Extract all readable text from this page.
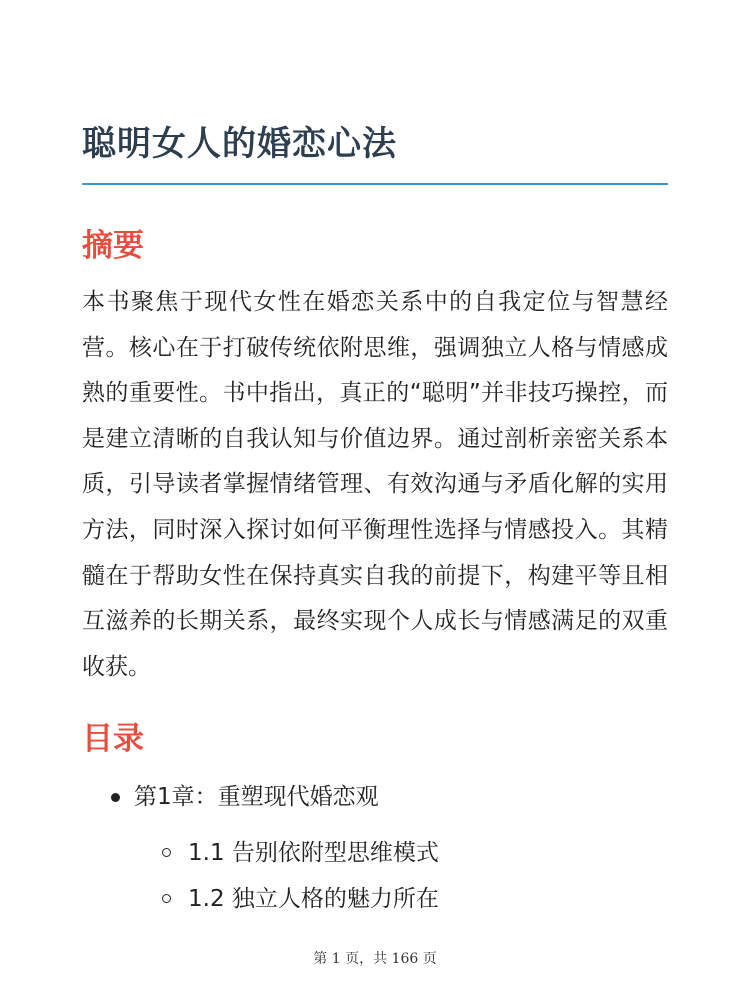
聪明女人的婚恋心法
摘要

本书聚焦于现代女性在婚恋关系中的自我定位与智慧经营。核心在于打破传统依附思维，强调独立人格与情感成熟的重要性。书中指出，真正的“聪明”并非技巧操控，而是建立清晰的自我认知与价值边界。通过剖析亲密关系本质，引导读者掌握情绪管理、有效沟通与矛盾化解的实用方法，同时深入探讨如何平衡理性选择与情感投入。其精髓在于帮助女性在保持真实自我的前提下，构建平等且相互滋养的长期关系，最终实现个人成长与情感满足的双重收获。

目录
第1章：重塑现代婚恋观
1.1 告别依附型思维模式
1.2 独立人格的魅力所在
第 1 页，共 166 页
